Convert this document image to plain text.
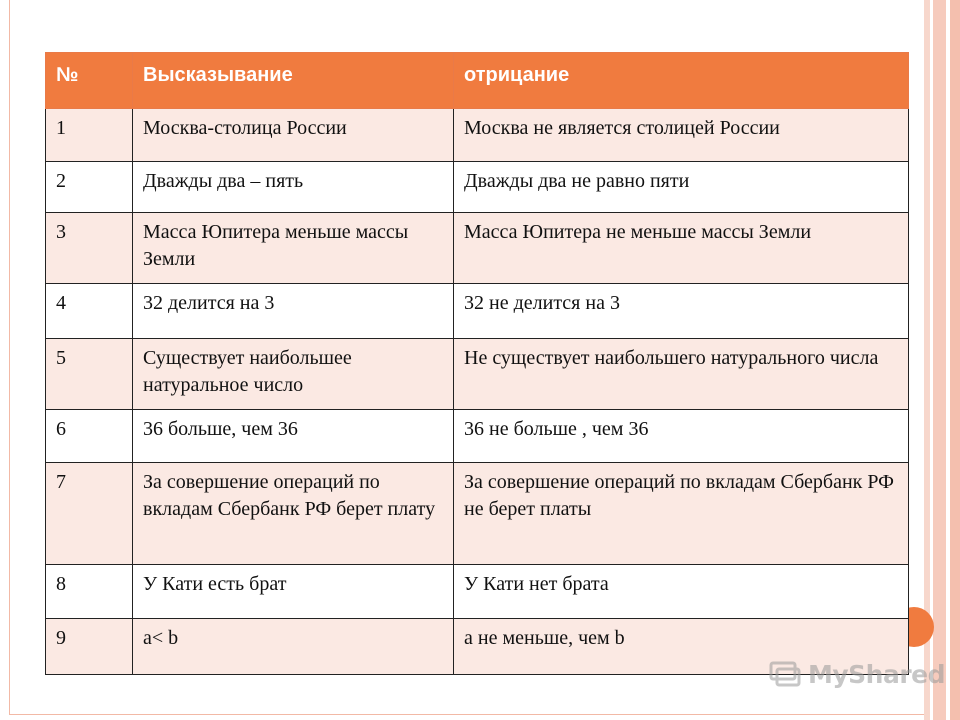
№	Высказывание	отрицание
1	Москва-столица России	Москва не является столицей России
2	Дважды два – пять	Дважды два не равно пяти
3	Масса Юпитера меньше массы Земли	Масса Юпитера не меньше массы Земли
4	32 делится на 3	32 не делится на 3
5	Существует наибольшее натуральное число	Не существует наибольшего натурального числа
6	36 больше, чем 36	36 не больше , чем 36
7	За совершение операций по вкладам Сбербанк РФ берет плату	За совершение операций по вкладам Сбербанк РФ не берет платы
8	У Кати есть брат	У Кати нет брата
9	a< b	а не меньше, чем b
MyShared
